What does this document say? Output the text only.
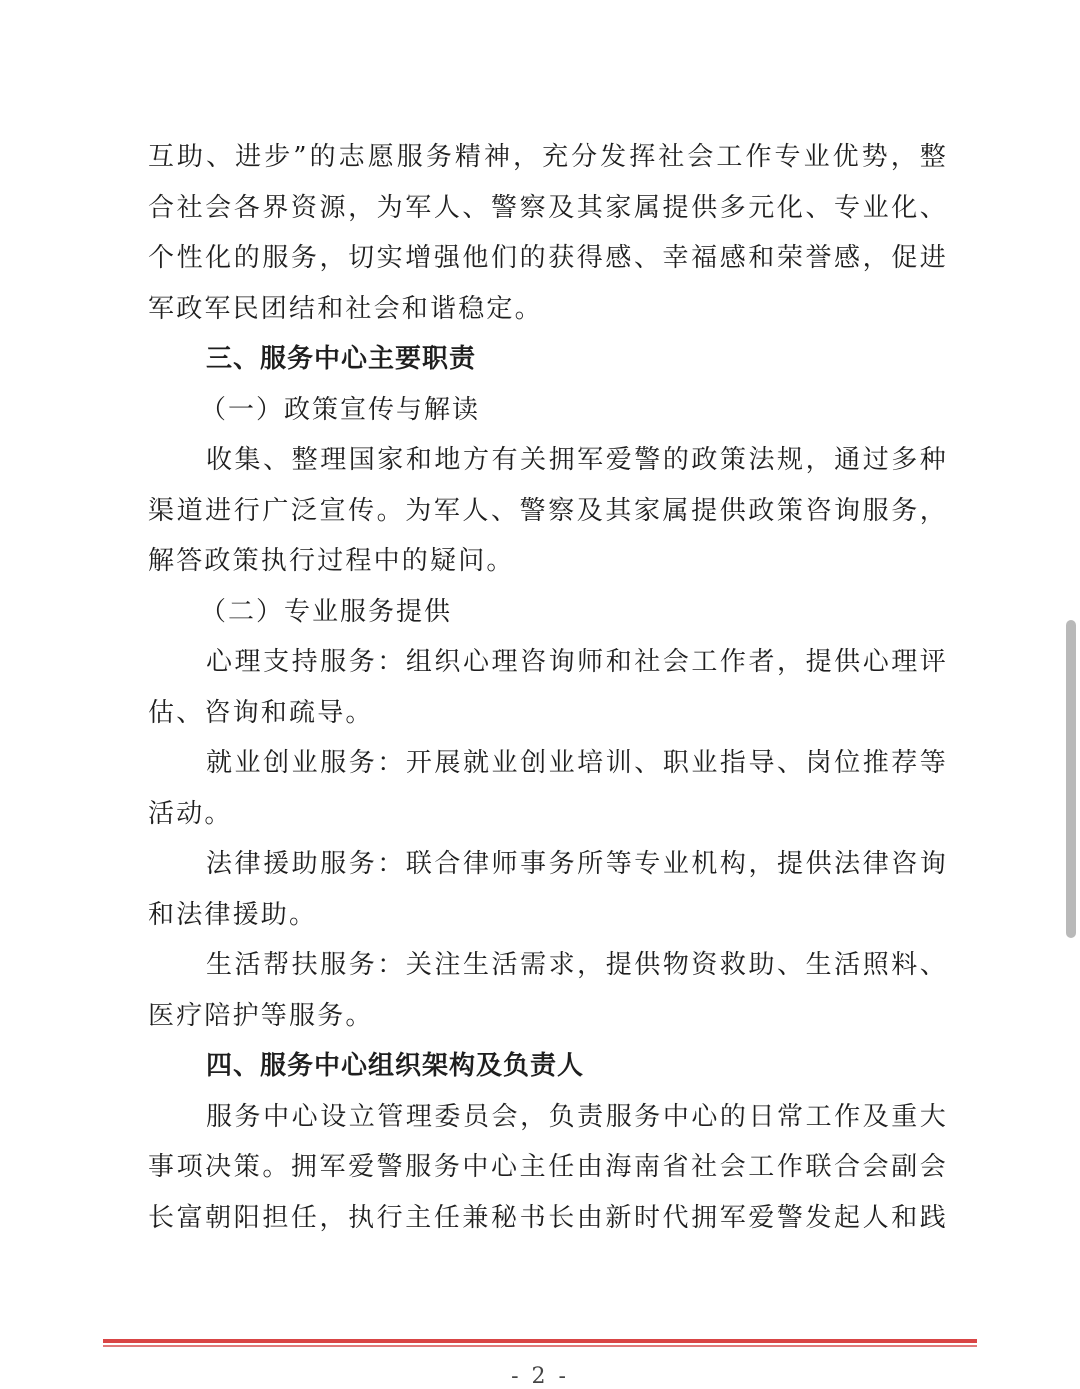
互助、进步”的志愿服务精神，充分发挥社会工作专业优势，整
合社会各界资源，为军人、警察及其家属提供多元化、专业化、
个性化的服务，切实增强他们的获得感、幸福感和荣誉感，促进
军政军民团结和社会和谐稳定。
三、服务中心主要职责
（一）政策宣传与解读
收集、整理国家和地方有关拥军爱警的政策法规，通过多种
渠道进行广泛宣传。为军人、警察及其家属提供政策咨询服务，
解答政策执行过程中的疑问。
（二）专业服务提供
心理支持服务：组织心理咨询师和社会工作者，提供心理评
估、咨询和疏导。
就业创业服务：开展就业创业培训、职业指导、岗位推荐等
活动。
法律援助服务：联合律师事务所等专业机构，提供法律咨询
和法律援助。
生活帮扶服务：关注生活需求，提供物资救助、生活照料、
医疗陪护等服务。
四、服务中心组织架构及负责人
服务中心设立管理委员会，负责服务中心的日常工作及重大
事项决策。拥军爱警服务中心主任由海南省社会工作联合会副会
长富朝阳担任，执行主任兼秘书长由新时代拥军爱警发起人和践
- 2 -
